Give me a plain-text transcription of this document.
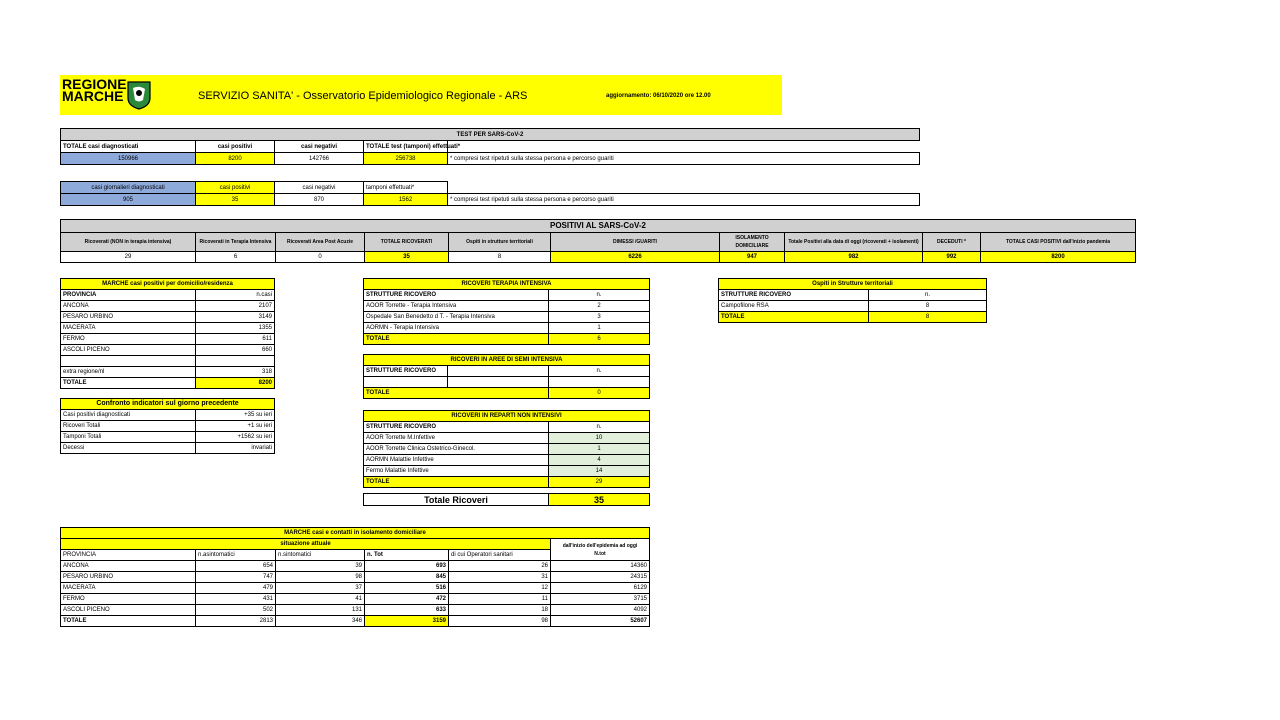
REGIONE
MARCHE	SERVIZIO SANITA' - Osservatorio Epidemiologico Regionale - ARS	aggiornamento: 06/10/2020 ore 12.00
TEST PER SARS-CoV-2				
TOTALE casi diagnosticati	casi positivi	casi negativi	TOTALE test (tamponi) effettuati*	
150966	8200	142766	256738	* compresi test ripetuti sulla stessa persona e percorso guariti
casi giornalieri diagnosticati	casi positivi	casi negativi	tamponi effettuati*	
905	35	870	1562	* compresi test ripetuti sulla stessa persona e percorso guariti
POSITIVI AL SARS-CoV-2									
Ricoverati (NON in terapia intensiva)	Ricoverati in Terapia Intensiva	Ricoverati Area Post Acuzie	TOTALE RICOVERATI	Ospiti in strutture territoriali	DIMESSI /GUARITI	ISOLAMENTO DOMICILIARE	Totale Positivi alla data di oggi (ricoverati + isolamenti)	DECEDUTI *	TOTALE CASI POSITIVI dall'inizio pandemia
29	6	0	35	8	6226	947	982	992	8200
MARCHE casi positivi per domicilio/residenza	
PROVINCIA	n.casi
ANCONA	2107
PESARO URBINO	3149
MACERATA	1355
FERMO	611
ASCOLI PICENO	660

extra regione/nl	318
TOTALE	8200
Confronto indicatori sul giorno precedente	
Casi positivi diagnosticati	+35 su ieri
Ricoveri Totali	+1 su ieri
Tamponi Totali	+1562 su ieri
Decessi	invariati
RICOVERI TERAPIA INTENSIVA	
STRUTTURE RICOVERO	n.
AOOR Torrette - Terapia Intensiva	2
Ospedale San Benedetto d T. - Terapia Intensiva	3
AORMN - Terapia Intensiva	1
TOTALE	6
RICOVERI IN AREE DI SEMI INTENSIVA		
STRUTTURE RICOVERO		n.

TOTALE		0
RICOVERI IN REPARTI NON INTENSIVI	
STRUTTURE RICOVERO	n.
AOOR Torrette M.Infettive	10
AOOR Torrette Clinica Ostetrico-Ginecol.	1
AORMN Malattie Infettive	4
Fermo Malattie Infettive	14
TOTALE	29
Totale Ricoveri	35
Ospiti in Strutture territoriali	
STRUTTURE RICOVERO	n.
Campofilone RSA	8
TOTALE	8
MARCHE casi e contatti in isolamento domiciliare					
situazione attuale					dall'inizio dell'epidemia ad oggi
N.tot
PROVINCIA	n.asintomatici	n.sintomatici	n. Tot	di cui Operatori sanitari	
ANCONA	654	39	693	26	14360
PESARO URBINO	747	98	845	31	24315
MACERATA	479	37	516	12	6129
FERMO	431	41	472	11	3715
ASCOLI PICENO	502	131	633	18	4092
TOTALE	2813	346	3159	98	52607
